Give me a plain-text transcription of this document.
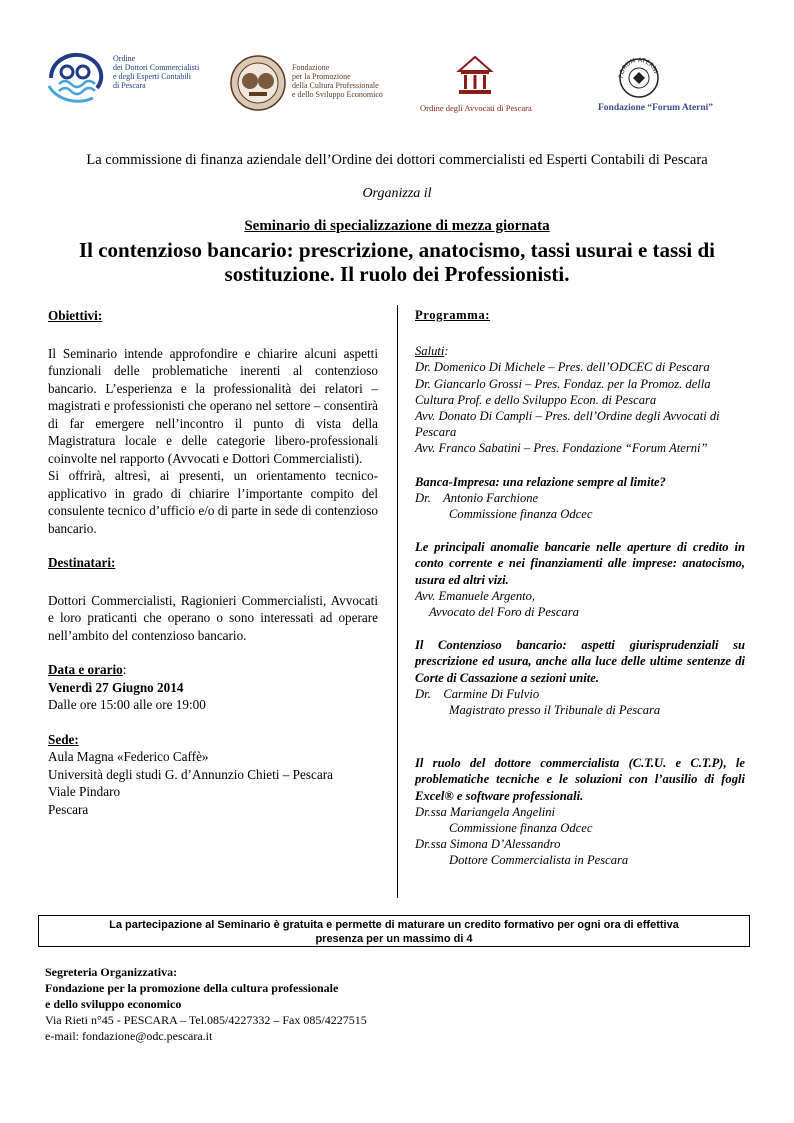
Ordine
dei Dottori Commercialisti
e degli Esperti Contabili
di Pescara
Fondazione
per la Promozione
della Cultura Professionale
e dello Sviluppo Economico
Ordine degli Avvocati di Pescara
FORUM ATERNI
Fondazione “Forum Aterni”
La commissione di finanza aziendale dell’Ordine dei dottori commercialisti ed Esperti Contabili di Pescara
Organizza il
Seminario di specializzazione di mezza giornata
Il contenzioso bancario: prescrizione, anatocismo, tassi usurai e tassi di sostituzione. Il ruolo dei Professionisti.
Obiettivi:

Il Seminario intende approfondire e chiarire alcuni aspetti funzionali delle problematiche inerenti al contenzioso bancario. L’esperienza e la professionalità dei relatori – magistrati e professionisti che operano nel settore – consentirà di far emergere nell’incontro il punto di vista della Magistratura locale e delle categorie libero-professionali coinvolte nel rapporto (Avvocati e Dottori Commercialisti).

Si offrirà, altresì, ai presenti, un orientamento tecnico-applicativo in grado di chiarire l’importante compito del consulente tecnico d’ufficio e/o di parte in sede di contenzioso bancario.

Destinatari:

Dottori Commercialisti, Ragionieri Commercialisti, Avvocati e loro praticanti che operano o sono interessati ad operare nell’ambito del contenzioso bancario.

Data e orario:

Venerdì 27 Giugno 2014

Dalle ore 15:00 alle ore 19:00

Sede:

Aula Magna «Federico Caffè»

Università degli studi G. d’Annunzio Chieti – Pescara

Viale Pindaro

Pescara

Programma:

Saluti:

Dr. Domenico Di Michele – Pres. dell’ODCEC di Pescara

Dr. Giancarlo Grossi – Pres. Fondaz. per la Promoz. della Cultura Prof. e dello Sviluppo Econ. di Pescara

Avv. Donato Di Campli – Pres. dell’Ordine degli Avvocati di Pescara

Avv. Franco Sabatini – Pres. Fondazione “Forum Aterni”

Banca-Impresa: una relazione sempre al limite?

Dr.    Antonio Farchione

Commissione finanza Odcec

Le principali anomalie bancarie nelle aperture di credito in conto corrente e nei finanziamenti alle imprese: anatocismo, usura ed altri vizi.

Avv. Emanuele Argento,

Avvocato del Foro di Pescara

Il Contenzioso bancario: aspetti giurisprudenziali su prescrizione ed usura, anche alla luce delle ultime sentenze di Corte di Cassazione a sezioni unite.

Dr.    Carmine Di Fulvio

Magistrato presso il Tribunale di Pescara

Il ruolo del dottore commercialista (C.T.U. e C.T.P), le problematiche tecniche e le soluzioni con l’ausilio di fogli Excel® e software professionali.

Dr.ssa Mariangela Angelini

Commissione finanza Odcec

Dr.ssa Simona D’Alessandro

Dottore Commercialista in Pescara

La partecipazione al Seminario è gratuita e permette di maturare un credito formativo per ogni ora di effettiva
presenza per un massimo di 4
Segreteria Organizzativa:
Fondazione per la promozione della cultura professionale
e dello sviluppo economico
Via Rieti n°45 - PESCARA – Tel.085/4227332 – Fax 085/4227515
e-mail: fondazione@odc.pescara.it
